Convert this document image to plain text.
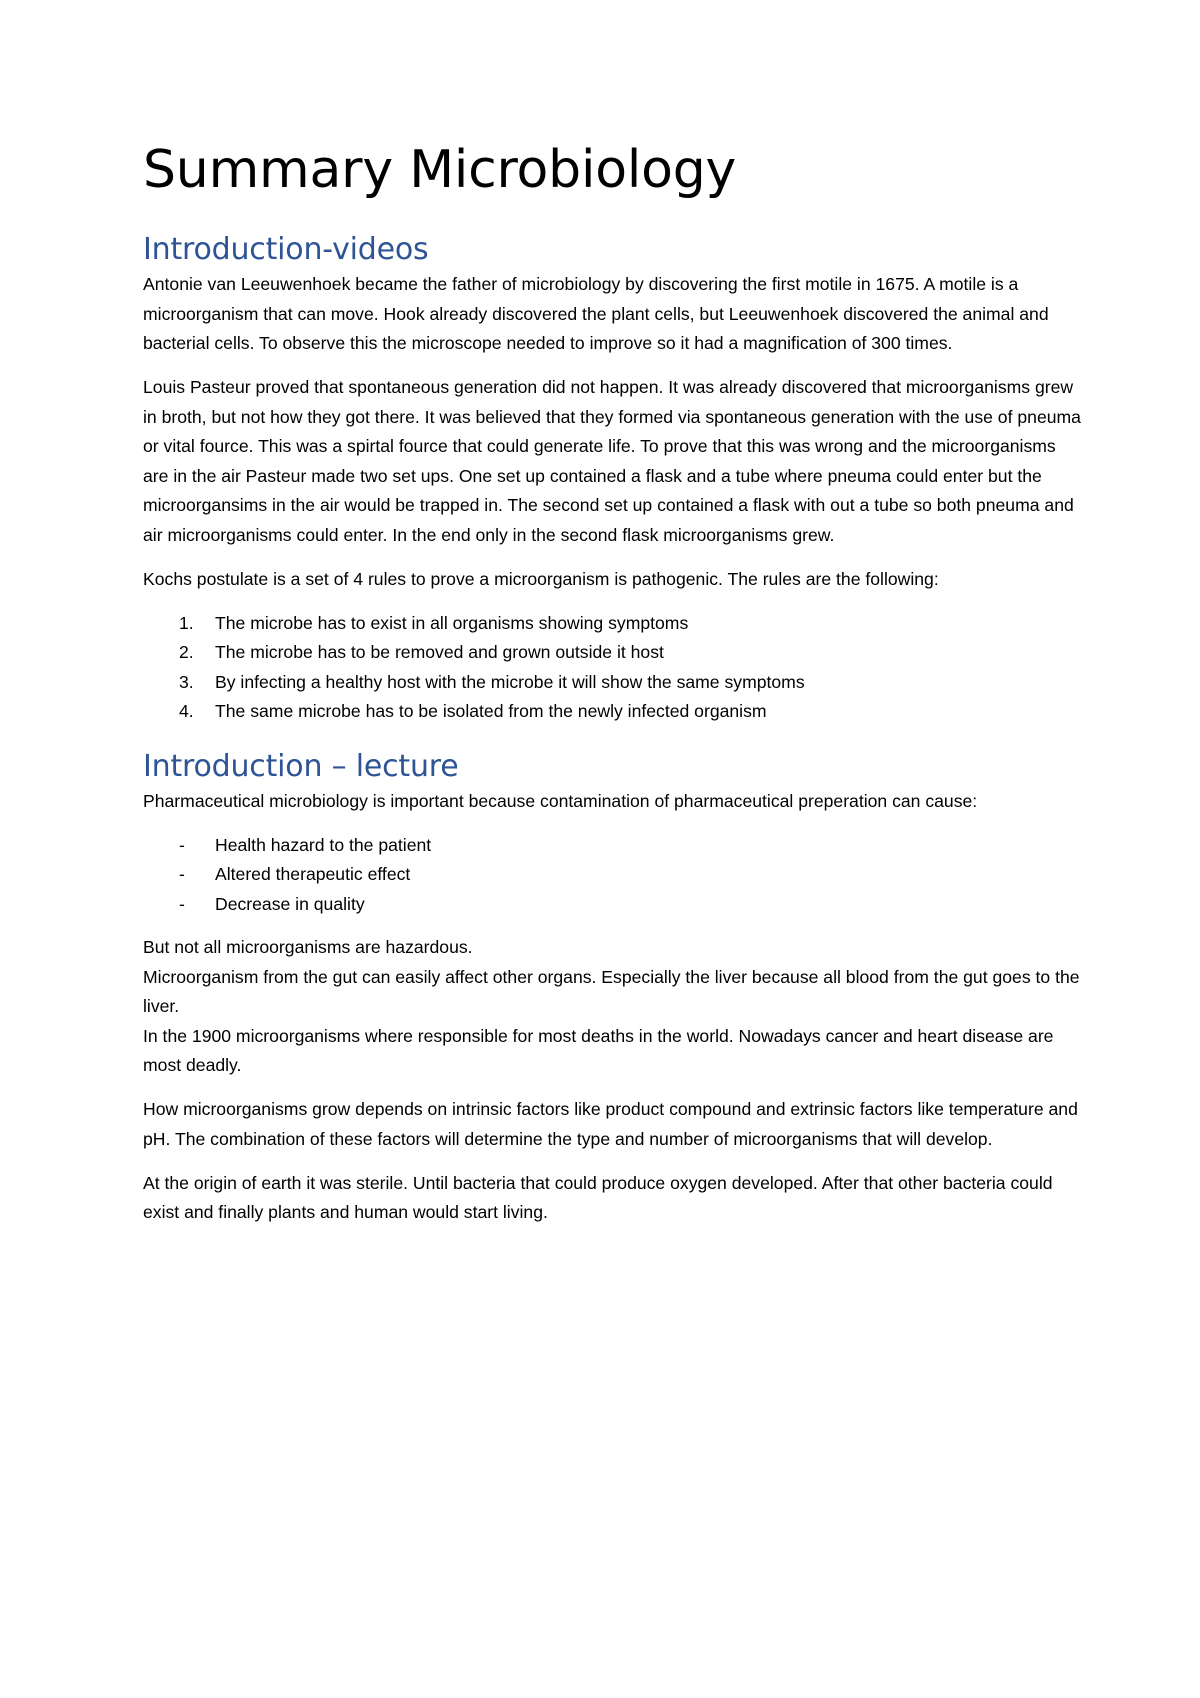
Summary Microbiology
Introduction-videos

Antonie van Leeuwenhoek became the father of microbiology by discovering the first motile in 1675. A motile is a microorganism that can move. Hook already discovered the plant cells, but Leeuwenhoek discovered the animal and bacterial cells. To observe this the microscope needed to improve so it had a magnification of 300 times.

Louis Pasteur proved that spontaneous generation did not happen. It was already discovered that microorganisms grew in broth, but not how they got there. It was believed that they formed via spontaneous generation with the use of pneuma or vital fource. This was a spirtal fource that could generate life. To prove that this was wrong and the microorganisms are in the air Pasteur made two set ups. One set up contained a flask and a tube where pneuma could enter but the microorgansims in the air would be trapped in. The second set up contained a flask with out a tube so both pneuma and air microorganisms could enter. In the end only in the second flask microorganisms grew.

Kochs postulate is a set of 4 rules to prove a microorganism is pathogenic. The rules are the following:

1.	The microbe has to exist in all organisms showing symptoms
2.	The microbe has to be removed and grown outside it host
3.	By infecting a healthy host with the microbe it will show the same symptoms
4.	The same microbe has to be isolated from the newly infected organism
Introduction – lecture

Pharmaceutical microbiology is important because contamination of pharmaceutical preperation can cause:

-	Health hazard to the patient
-	Altered therapeutic effect
-	Decrease in quality

But not all microorganisms are hazardous.

Microorganism from the gut can easily affect other organs. Especially the liver because all blood from the gut goes to the liver.

In the 1900 microorganisms where responsible for most deaths in the world. Nowadays cancer and heart disease are most deadly.

How microorganisms grow depends on intrinsic factors like product compound and extrinsic factors like temperature and pH. The combination of these factors will determine the type and number of microorganisms that will develop.

At the origin of earth it was sterile. Until bacteria that could produce oxygen developed. After that other bacteria could exist and finally plants and human would start living.
